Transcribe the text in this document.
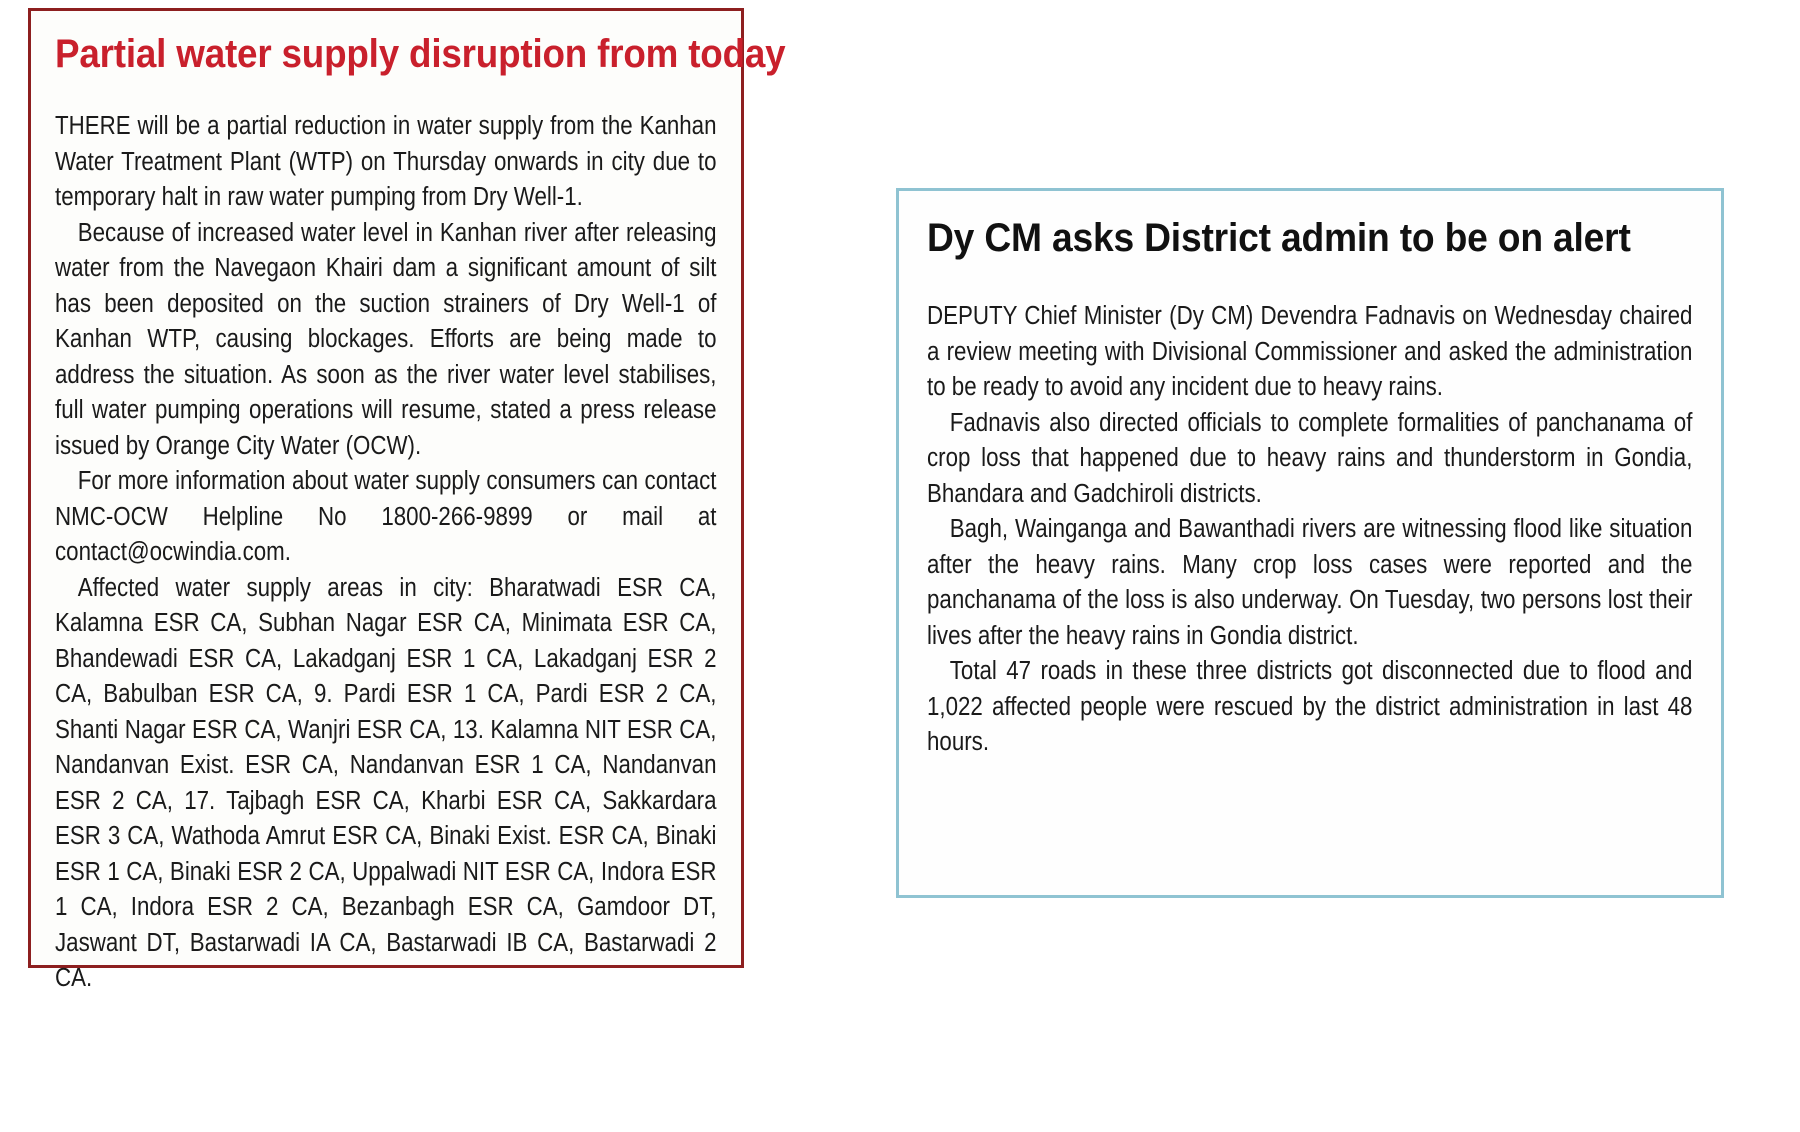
Partial water supply disruption from today

THERE will be a partial reduction in water supply from the Kanhan Water Treatment Plant (WTP) on Thursday onwards in city due to temporary halt in raw water pumping from Dry Well-1.

Because of increased water level in Kanhan river after releasing water from the Navegaon Khairi dam a significant amount of silt has been deposited on the suction strainers of Dry Well-1 of Kanhan WTP, causing blockages. Efforts are being made to address the situation. As soon as the river water level stabilises, full water pumping operations will resume, stated a press release issued by Orange City Water (OCW).

For more information about water supply consumers can contact NMC-OCW Helpline No 1800-266-9899 or mail at contact@ocwindia.com.

Affected water supply areas in city: Bharatwadi ESR CA, Kalamna ESR CA, Subhan Nagar ESR CA, Minimata ESR CA, Bhandewadi ESR CA, Lakadganj ESR 1 CA, Lakadganj ESR 2 CA, Babulban ESR CA, 9. Pardi ESR 1 CA, Pardi ESR 2 CA, Shanti Nagar ESR CA, Wanjri ESR CA, 13. Kalamna NIT ESR CA, Nandanvan Exist. ESR CA, Nandanvan ESR 1 CA, Nandanvan ESR 2 CA, 17. Tajbagh ESR CA, Kharbi ESR CA, Sakkardara ESR 3 CA, Wathoda Amrut ESR CA, Binaki Exist. ESR CA, Binaki ESR 1 CA, Binaki ESR 2 CA, Uppalwadi NIT ESR CA, Indora ESR 1 CA, Indora ESR 2 CA, Bezanbagh ESR CA, Gamdoor DT, Jaswant DT, Bastarwadi IA CA, Bastarwadi IB CA, Bastarwadi 2 CA.

Dy CM asks District admin to be on alert

DEPUTY Chief Minister (Dy CM) Devendra Fadnavis on Wednesday chaired a review meeting with Divisional Commissioner and asked the administration to be ready to avoid any incident due to heavy rains.

Fadnavis also directed officials to complete formalities of panchanama of crop loss that happened due to heavy rains and thunderstorm in Gondia, Bhandara and Gadchiroli districts.

Bagh, Wainganga and Bawanthadi rivers are witnessing flood like situation after the heavy rains. Many crop loss cases were reported and the panchanama of the loss is also underway. On Tuesday, two persons lost their lives after the heavy rains in Gondia district.

Total 47 roads in these three districts got disconnected due to flood and 1,022 affected people were rescued by the district administration in last 48 hours.
